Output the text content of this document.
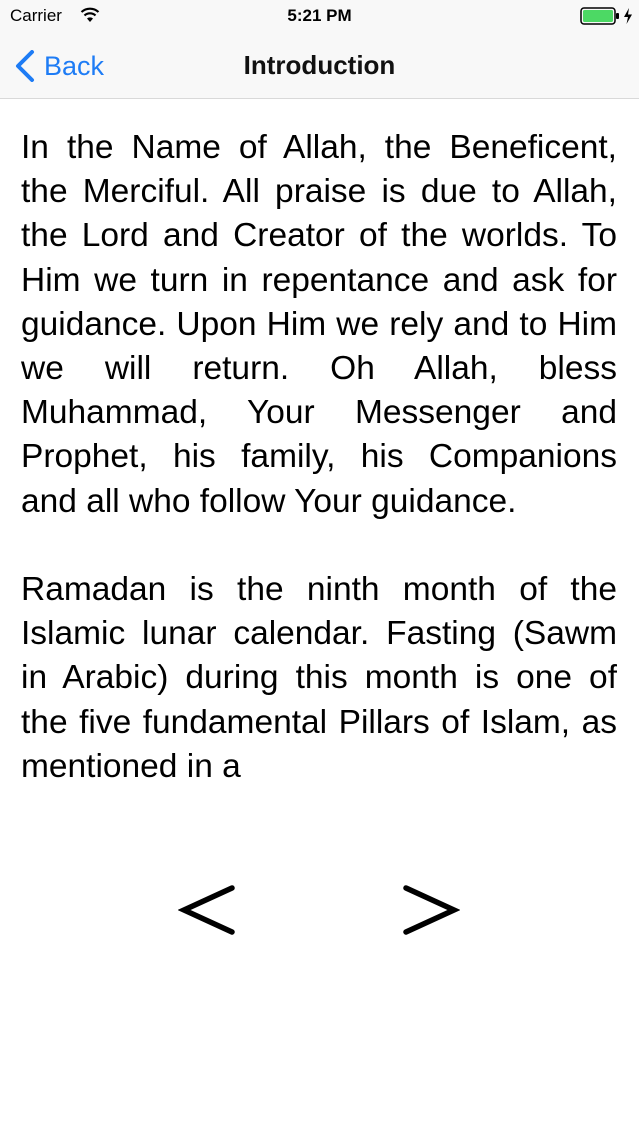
Carrier	5:21 PM
Back	Introduction

In the Name of Allah, the Beneficent, the Merciful. All praise is due to Allah, the Lord and Creator of the worlds. To Him we turn in repentance and ask for guidance. Upon Him we rely and to Him we will return. Oh Allah, bless Muhammad, Your Messenger and Prophet, his family, his Companions and all who follow Your guidance.

Ramadan is the ninth month of the Islamic lunar calendar. Fasting (Sawm in Arabic) during this month is one of the five fundamental Pillars of Islam, as mentioned in a
